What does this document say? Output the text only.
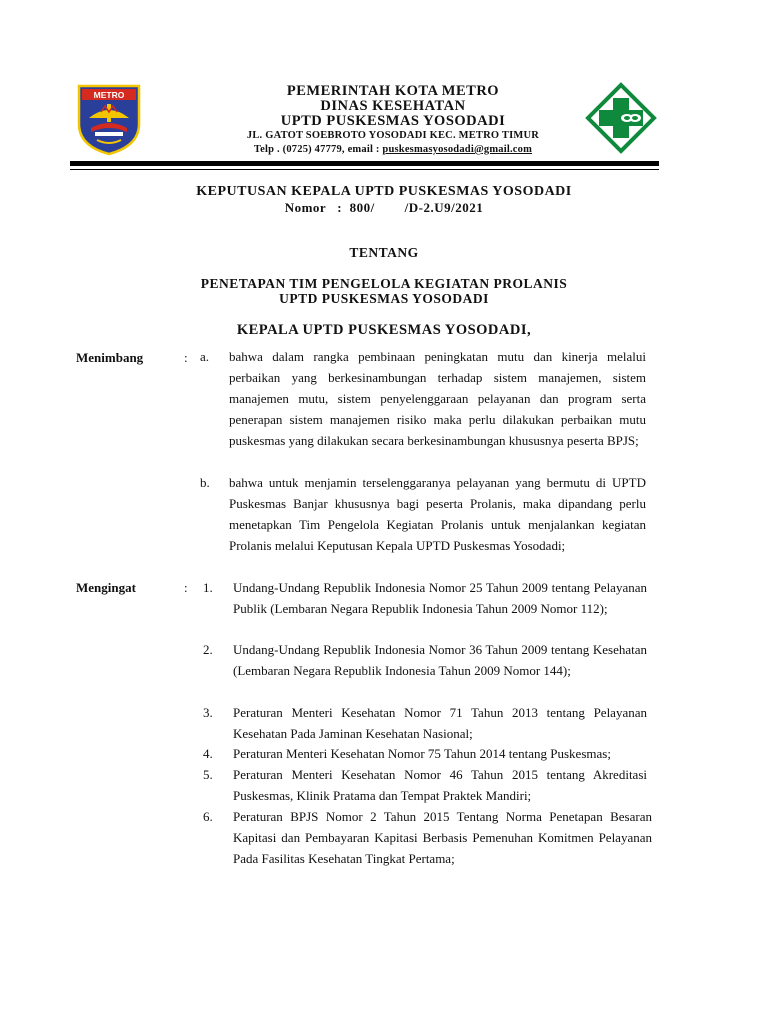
METRO	PEMERINTAH KOTA METRO
DINAS KESEHATAN
UPTD PUSKESMAS YOSODADI
JL. GATOT SOEBROTO YOSODADI KEC. METRO TIMUR
Telp . (0725) 47779, email : puskesmasyosodadi@gmail.com
KEPUTUSAN KEPALA UPTD PUSKESMAS YOSODADI
Nomor :  800/        /D-2.U9/2021
TENTANG
PENETAPAN TIM PENGELOLA KEGIATAN PROLANIS
UPTD PUSKESMAS YOSODADI
KEPALA UPTD PUSKESMAS YOSODADI,
Menimbang	: a. bahwa dalam rangka pembinaan peningkatan mutu dan kinerja melalui perbaikan yang berkesinambungan terhadap sistem manajemen, sistem manajemen mutu, sistem penyelenggaraan pelayanan dan program serta penerapan sistem manajemen risiko maka perlu dilakukan perbaikan mutu puskesmas yang dilakukan secara berkesinambungan khususnya peserta BPJS;
b. bahwa untuk menjamin terselenggaranya pelayanan yang bermutu di UPTD Puskesmas Banjar khususnya bagi peserta Prolanis, maka dipandang perlu menetapkan Tim Pengelola Kegiatan Prolanis untuk menjalankan kegiatan Prolanis melalui Keputusan Kepala UPTD Puskesmas Yosodadi;
Mengingat	: 1. Undang-Undang Republik Indonesia Nomor 25 Tahun 2009 tentang Pelayanan Publik (Lembaran Negara Republik Indonesia Tahun 2009 Nomor 112);
2. Undang-Undang Republik Indonesia Nomor 36 Tahun 2009 tentang Kesehatan (Lembaran Negara Republik Indonesia Tahun 2009 Nomor 144);
3. Peraturan Menteri Kesehatan Nomor 71 Tahun 2013 tentang Pelayanan Kesehatan Pada Jaminan Kesehatan Nasional;
4. Peraturan Menteri Kesehatan Nomor 75 Tahun 2014 tentang Puskesmas;
5. Peraturan Menteri Kesehatan Nomor 46 Tahun 2015 tentang Akreditasi Puskesmas, Klinik Pratama dan Tempat Praktek Mandiri;
6. Peraturan BPJS Nomor 2 Tahun 2015 Tentang Norma Penetapan Besaran Kapitasi dan Pembayaran Kapitasi Berbasis Pemenuhan Komitmen Pelayanan Pada Fasilitas Kesehatan Tingkat Pertama;
